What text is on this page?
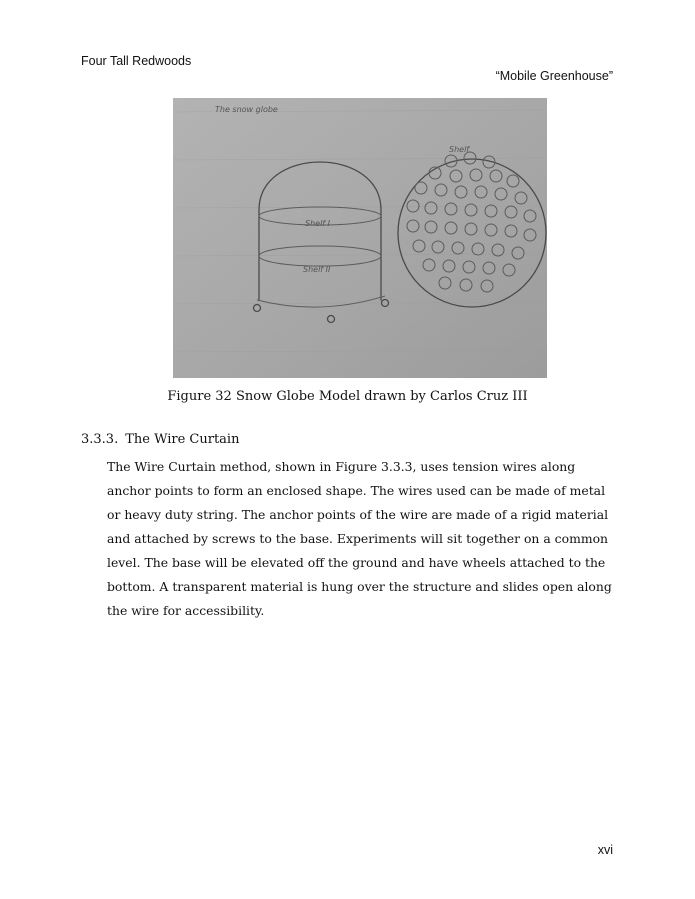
Four Tall Redwoods
“Mobile Greenhouse”
The snow globe
Shelf I
Shelf II
Shelf
Figure 32 Snow Globe Model drawn by Carlos Cruz III
3.3.3. The Wire Curtain

The Wire Curtain method, shown in Figure 3.3.3, uses tension wires along anchor points to form an enclosed shape. The wires used can be made of metal or heavy duty string. The anchor points of the wire are made of a rigid material and attached by screws to the base. Experiments will sit together on a common level. The base will be elevated off the ground and have wheels attached to the bottom. A transparent material is hung over the structure and slides open along the wire for accessibility.

xvi
